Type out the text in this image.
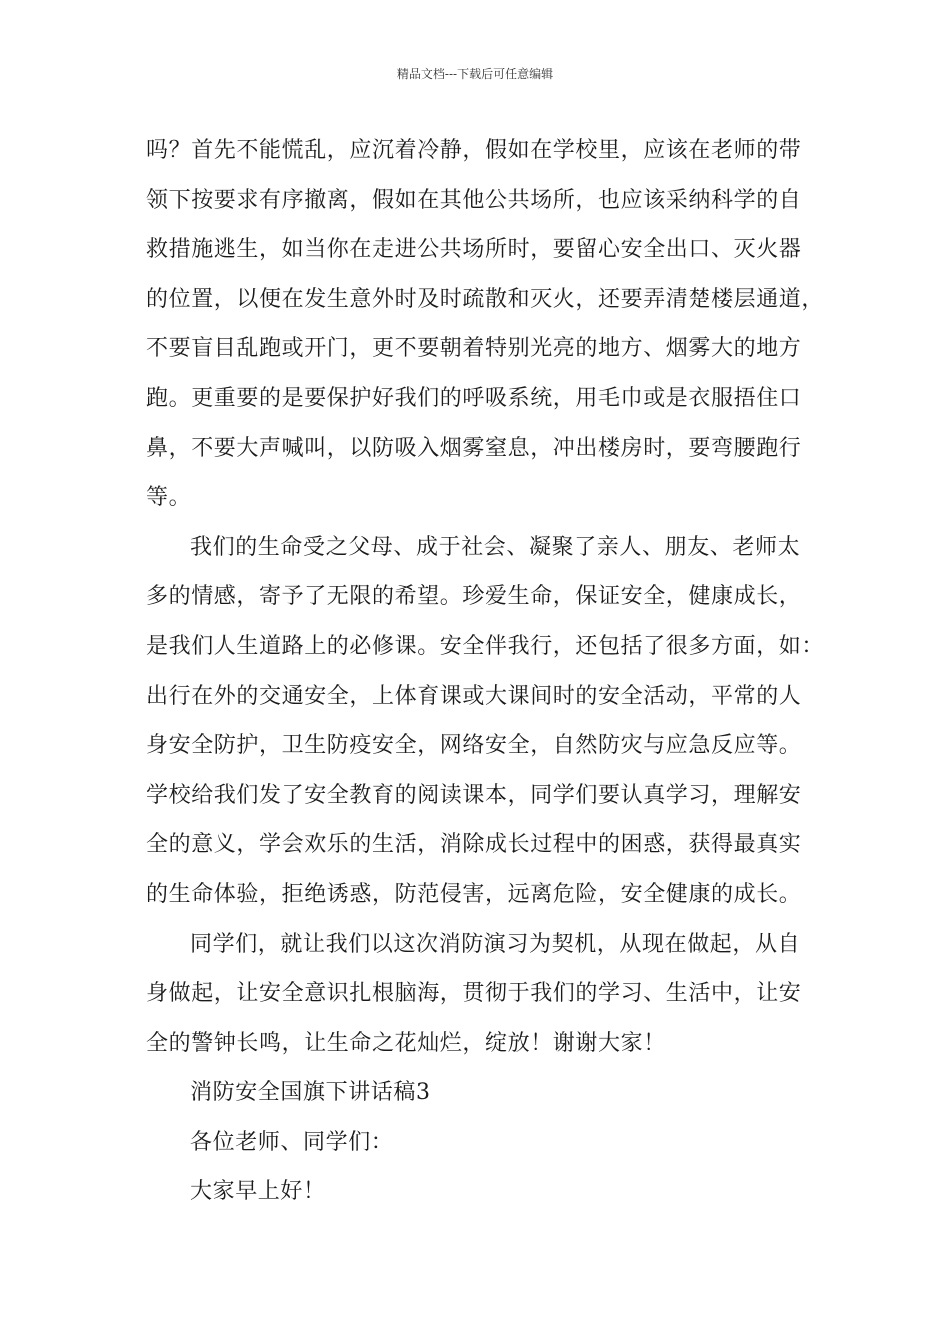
精品文档---下载后可任意编辑
吗？首先不能慌乱，应沉着冷静，假如在学校里，应该在老师的带
领下按要求有序撤离，假如在其他公共场所，也应该采纳科学的自
救措施逃生，如当你在走进公共场所时，要留心安全出口、灭火器
的位置，以便在发生意外时及时疏散和灭火，还要弄清楚楼层通道，
不要盲目乱跑或开门，更不要朝着特别光亮的地方、烟雾大的地方
跑。更重要的是要保护好我们的呼吸系统，用毛巾或是衣服捂住口
鼻，不要大声喊叫，以防吸入烟雾窒息，冲出楼房时，要弯腰跑行
等。
我们的生命受之父母、成于社会、凝聚了亲人、朋友、老师太
多的情感，寄予了无限的希望。珍爱生命，保证安全，健康成长，
是我们人生道路上的必修课。安全伴我行，还包括了很多方面，如：
出行在外的交通安全，上体育课或大课间时的安全活动，平常的人
身安全防护，卫生防疫安全，网络安全，自然防灾与应急反应等。
学校给我们发了安全教育的阅读课本，同学们要认真学习，理解安
全的意义，学会欢乐的生活，消除成长过程中的困惑，获得最真实
的生命体验，拒绝诱惑，防范侵害，远离危险，安全健康的成长。
同学们，就让我们以这次消防演习为契机，从现在做起，从自
身做起，让安全意识扎根脑海，贯彻于我们的学习、生活中，让安
全的警钟长鸣，让生命之花灿烂，绽放！谢谢大家！
消防安全国旗下讲话稿3
各位老师、同学们：
大家早上好！
